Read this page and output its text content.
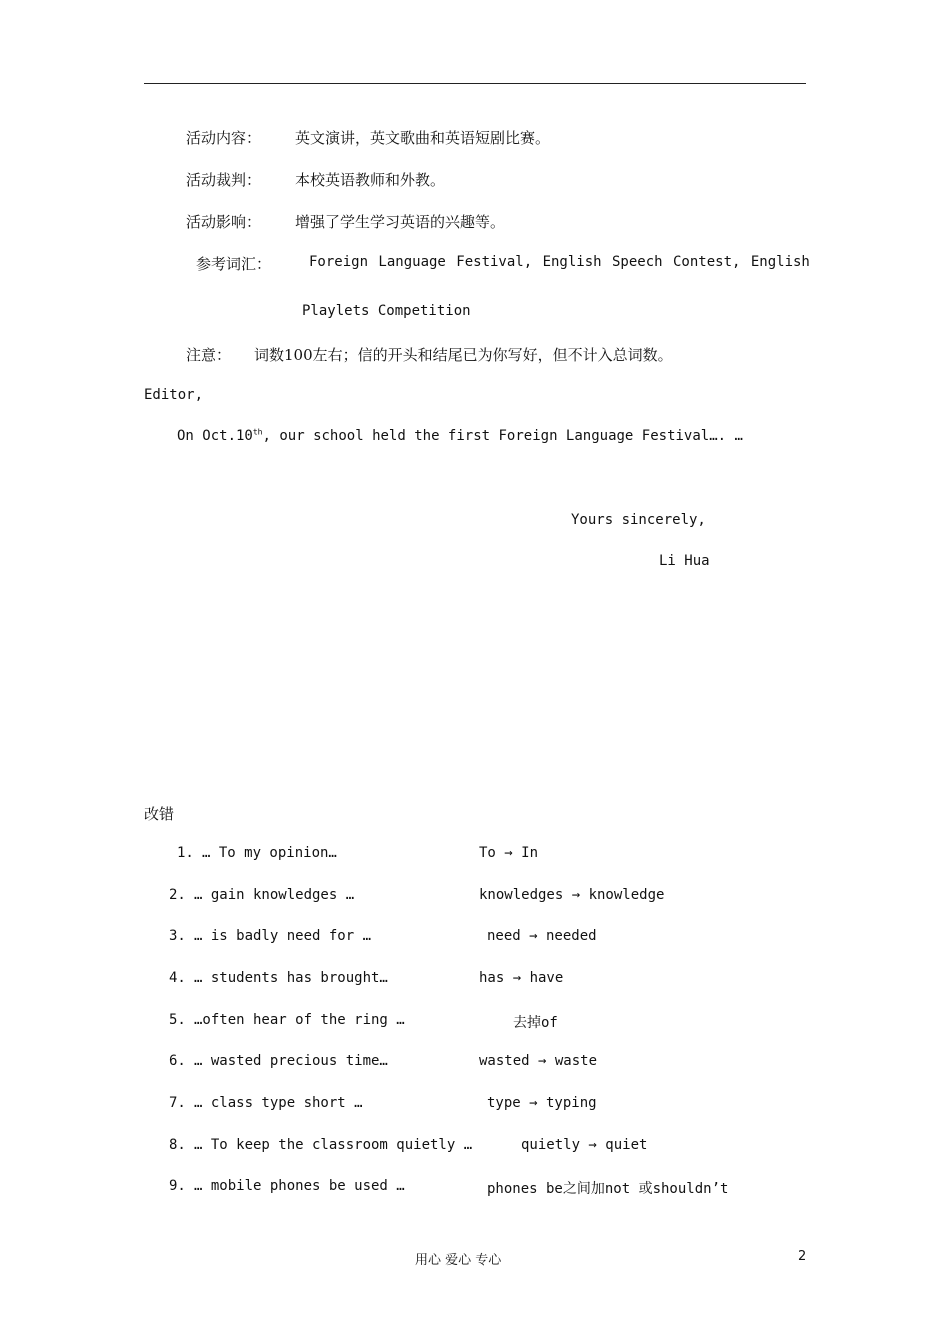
活动内容： 英文演讲，英文歌曲和英语短剧比赛。
活动裁判： 本校英语教师和外教。
活动影响： 增强了学生学习英语的兴趣等。
参考词汇：	Foreign Language Festival, English Speech Contest, English
Playlets Competition
注意： 词数100左右；信的开头和结尾已为你写好，但不计入总词数。
Editor,
On Oct.10th, our school held the first Foreign Language Festival…. …
Yours sincerely,
Li Hua
改错
1. … To my opinion…	To → In
2. … gain knowledges …	knowledges → knowledge
3. … is badly need for …	need → needed
4. … students has brought…	has → have
5. …often hear of the ring …	去掉of
6. … wasted precious time…	wasted → waste
7. … class type short …	type → typing
8. … To keep the classroom quietly …	quietly → quiet
9. … mobile phones be used …	phones be之间加not 或shouldn’t
用心 爱心 专心	2
